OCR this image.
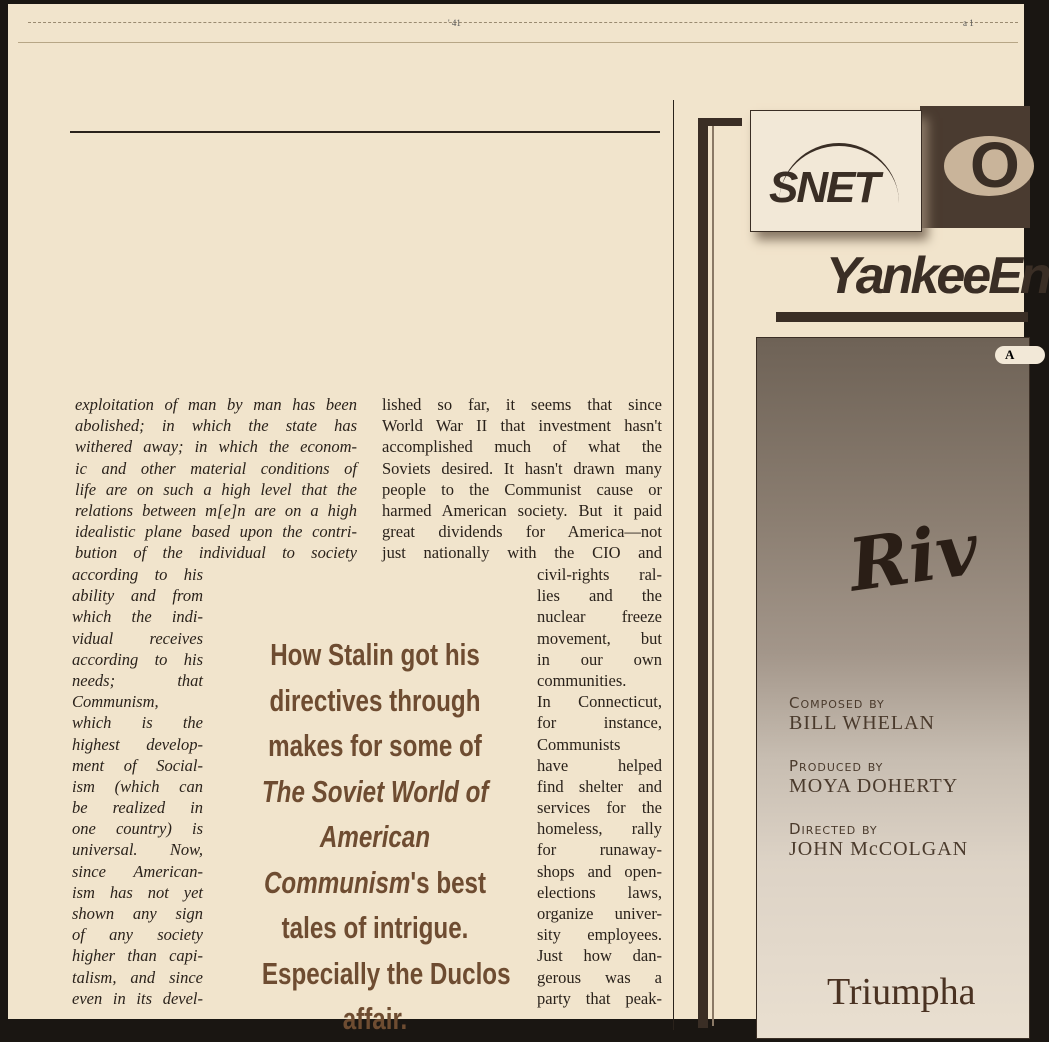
' 41	a 1
exploitation of man by man has been
abolished; in which the state has
withered away; in which the econom-
ic and other material conditions of
life are on such a high level that the
relations between m[e]n are on a high
idealistic plane based upon the contri-
bution of the individual to society
according to his
ability and from
which the indi-
vidual receives
according to his
needs; that
Communism,
which is the
highest develop-
ment of Social-
ism (which can
be realized in
one country) is
universal. Now,
since American-
ism has not yet
shown any sign
of any society
higher than capi-
talism, and since
even in its devel-
lished so far, it seems that since
World War II that investment hasn't
accomplished much of what the
Soviets desired. It hasn't drawn many
people to the Communist cause or
harmed American society. But it paid
great dividends for America—not
just nationally with the CIO and
civil-rights ral-
lies and the
nuclear freeze
movement, but
in our own
communities.
In Connecticut,
for instance,
Communists
have helped
find shelter and
services for the
homeless, rally
for runaway-
shops and open-
elections laws,
organize univer-
sity employees.
Just how dan-
gerous was a
party that peak-
How Stalin got his
directives through
makes for some of
The Soviet World of
American
Communism's best
tales of intrigue.
Especially the Duclos
affair.
O
SNET
YankeeEn
A
Riv
Composed by
BILL WHELAN
Produced by
MOYA DOHERTY
Directed by
JOHN McCOLGAN
Triumpha
